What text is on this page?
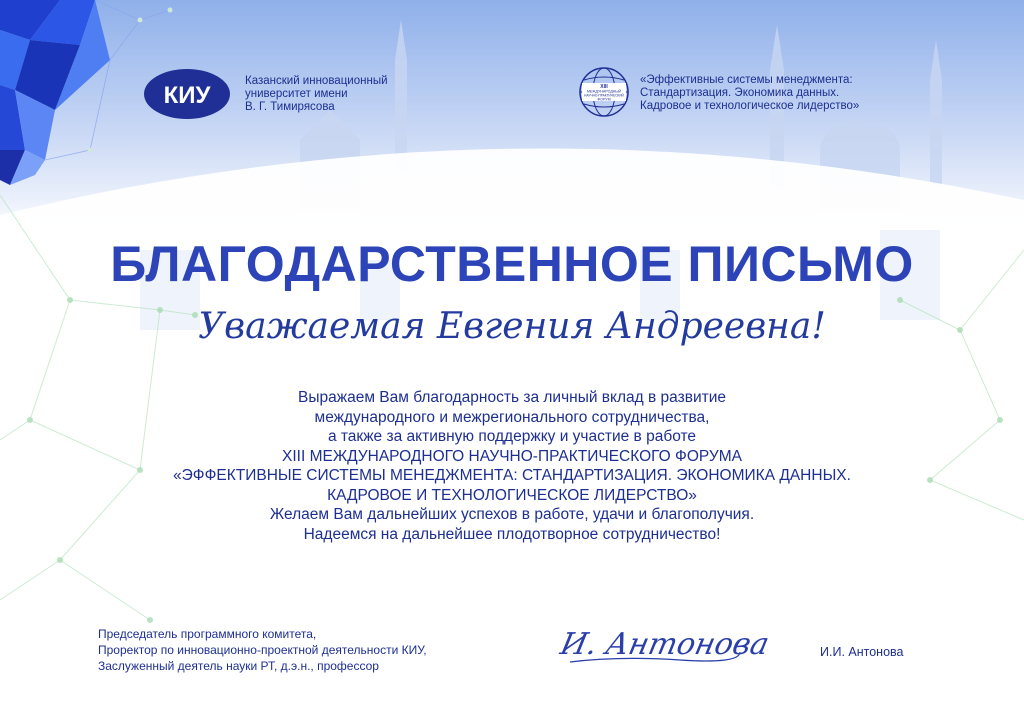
КИУ
Казанский инновационный
университет имени
В. Г. Тимирясова
XIII
МЕЖДУНАРОДНЫЙ
НАУЧНО-ПРАКТИЧЕСКИЙ
ФОРУМ
«Эффективные системы менеджмента:
Стандартизация. Экономика данных.
Кадровое и технологическое лидерство»
БЛАГОДАРСТВЕННОЕ ПИСЬМО
Уважаемая Евгения Андреевна!
Выражаем Вам благодарность за личный вклад в развитие
международного и межрегионального сотрудничества,
а также за активную поддержку и участие в работе
XIII МЕЖДУНАРОДНОГО НАУЧНО-ПРАКТИЧЕСКОГО ФОРУМА
«ЭФФЕКТИВНЫЕ СИСТЕМЫ МЕНЕДЖМЕНТА: СТАНДАРТИЗАЦИЯ. ЭКОНОМИКА ДАННЫХ.
КАДРОВОЕ И ТЕХНОЛОГИЧЕСКОЕ ЛИДЕРСТВО»
Желаем Вам дальнейших успехов в работе, удачи и благополучия.
Надеемся на дальнейшее плодотворное сотрудничество!
Председатель программного комитета,
Проректор по инновационно-проектной деятельности КИУ,
Заслуженный деятель науки РТ, д.э.н., профессор
И. Антонова	И.И. Антонова
